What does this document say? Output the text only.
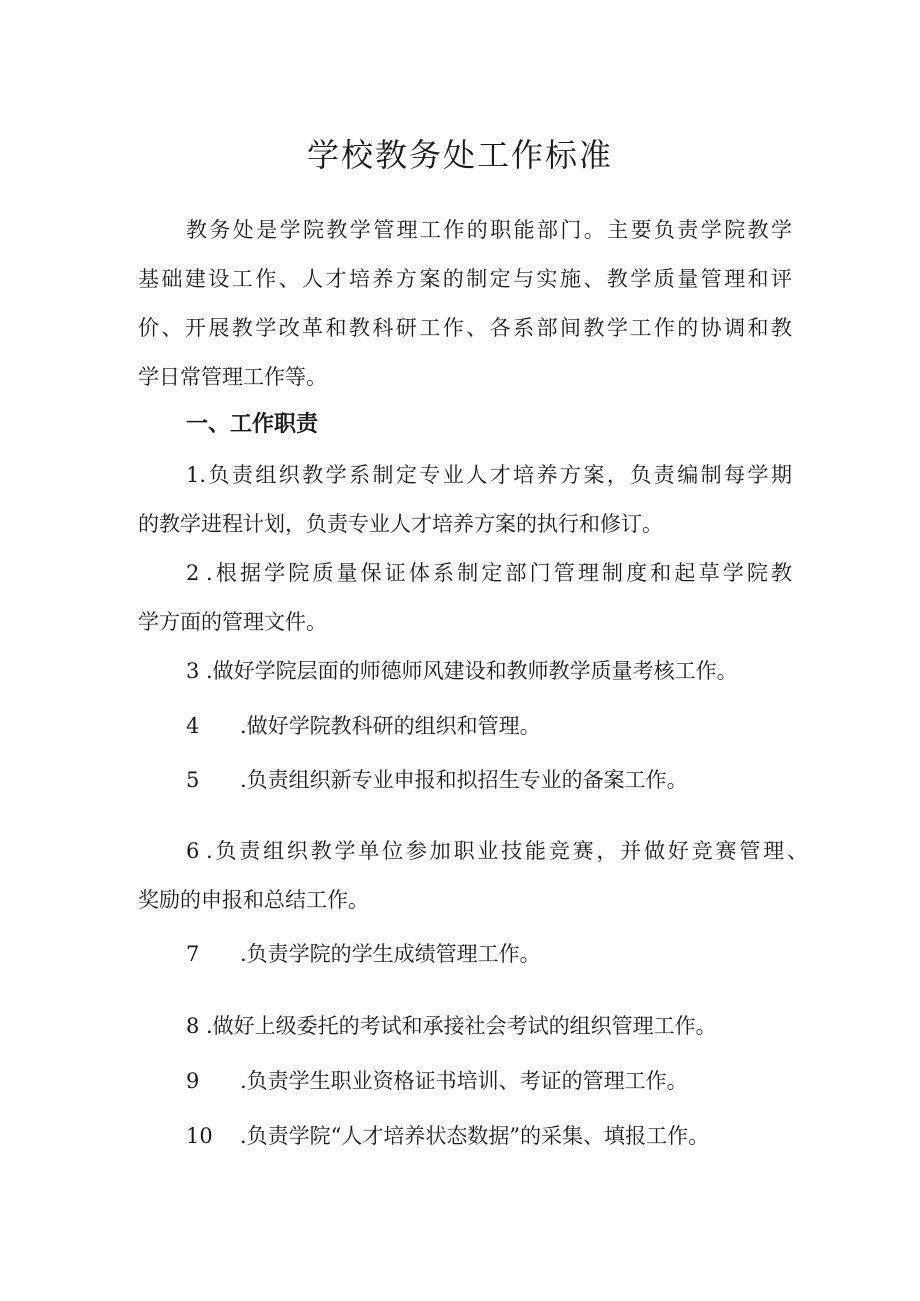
学校教务处工作标准
教务处是学院教学管理工作的职能部门。主要负责学院教学
基础建设工作、人才培养方案的制定与实施、教学质量管理和评
价、开展教学改革和教科研工作、各系部间教学工作的协调和教
学日常管理工作等。
一、工作职责
1.负责组织教学系制定专业人才培养方案，负责编制每学期
的教学进程计划，负责专业人才培养方案的执行和修订。
2 .根据学院质量保证体系制定部门管理制度和起草学院教
学方面的管理文件。
3 .做好学院层面的师德师风建设和教师教学质量考核工作。
4 .做好学院教科研的组织和管理。
5 .负责组织新专业申报和拟招生专业的备案工作。
6 .负责组织教学单位参加职业技能竞赛，并做好竞赛管理、
奖励的申报和总结工作。
7 .负责学院的学生成绩管理工作。
8 .做好上级委托的考试和承接社会考试的组织管理工作。
9 .负责学生职业资格证书培训、考证的管理工作。
10 .负责学院“人才培养状态数据”的采集、填报工作。
